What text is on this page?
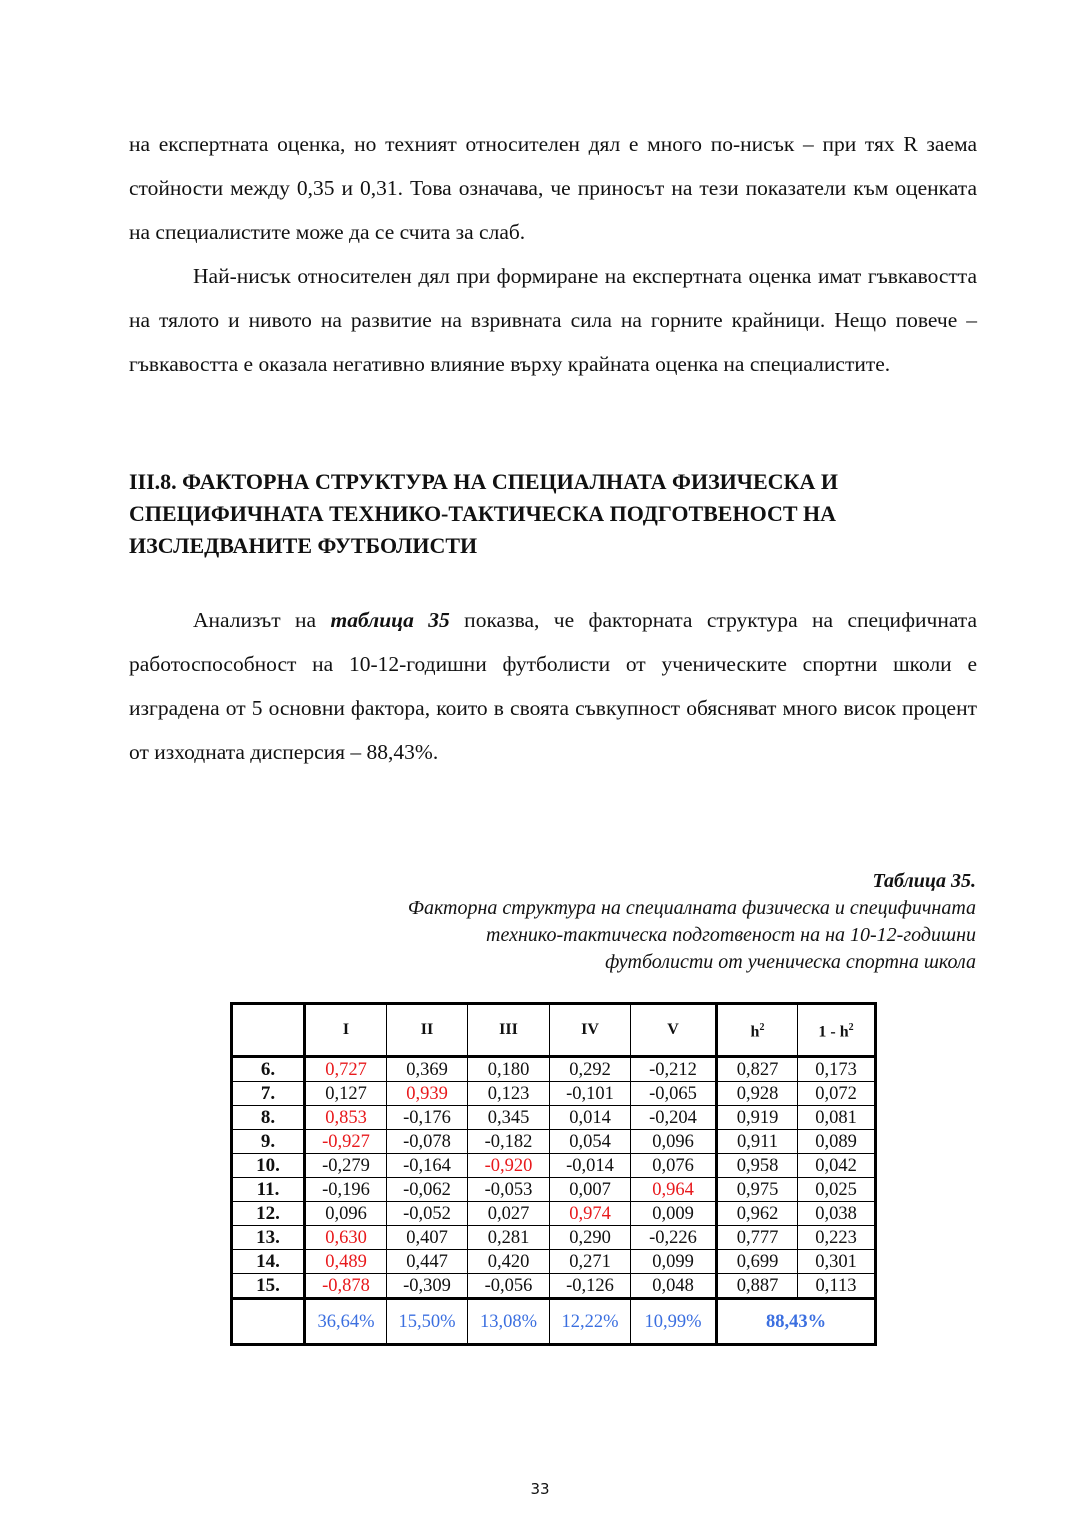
на експертната оценка, но техният относителен дял е много по-нисък – при тях R заема стойности между 0,35 и 0,31. Това означава, че приносът на тези показатели към оценката на специалистите може да се счита за слаб.

Най-нисък относителен дял при формиране на експертната оценка имат гъвкавостта на тялото и нивото на развитие на взривната сила на горните крайници. Нещо повече – гъвкавостта е оказала негативно влияние върху крайната оценка на специалистите.

III.8. ФАКТОРНА СТРУКТУРА НА СПЕЦИАЛНАТА ФИЗИЧЕСКА И СПЕЦИФИЧНАТА ТЕХНИКО-ТАКТИЧЕСКА ПОДГОТВЕНОСТ НА ИЗСЛЕДВАНИТЕ ФУТБОЛИСТИ

Анализът на таблица 35 показва, че факторната структура на специфичната работоспособност на 10-12-годишни футболисти от ученическите спортни школи е изградена от 5 основни фактора, които в своята съвкупност обясняват много висок процент от изходната дисперсия – 88,43%.

Таблица 35.
Факторна структура на специалната физическа и специфичната
технико-тактическа подготвеност на на 10-12-годишни
футболисти от ученическа спортна школа
	I	II	III	IV	V	$h^2$	$1 - h^2$
6.	0,727	0,369	0,180	0,292	-0,212	0,827	0,173
7.	0,127	0,939	0,123	-0,101	-0,065	0,928	0,072
8.	0,853	-0,176	0,345	0,014	-0,204	0,919	0,081
9.	-0,927	-0,078	-0,182	0,054	0,096	0,911	0,089
10.	-0,279	-0,164	-0,920	-0,014	0,076	0,958	0,042
11.	-0,196	-0,062	-0,053	0,007	0,964	0,975	0,025
12.	0,096	-0,052	0,027	0,974	0,009	0,962	0,038
13.	0,630	0,407	0,281	0,290	-0,226	0,777	0,223
14.	0,489	0,447	0,420	0,271	0,099	0,699	0,301
15.	-0,878	-0,309	-0,056	-0,126	0,048	0,887	0,113
	36,64%	15,50%	13,08%	12,22%	10,99%	88,43%	
33
